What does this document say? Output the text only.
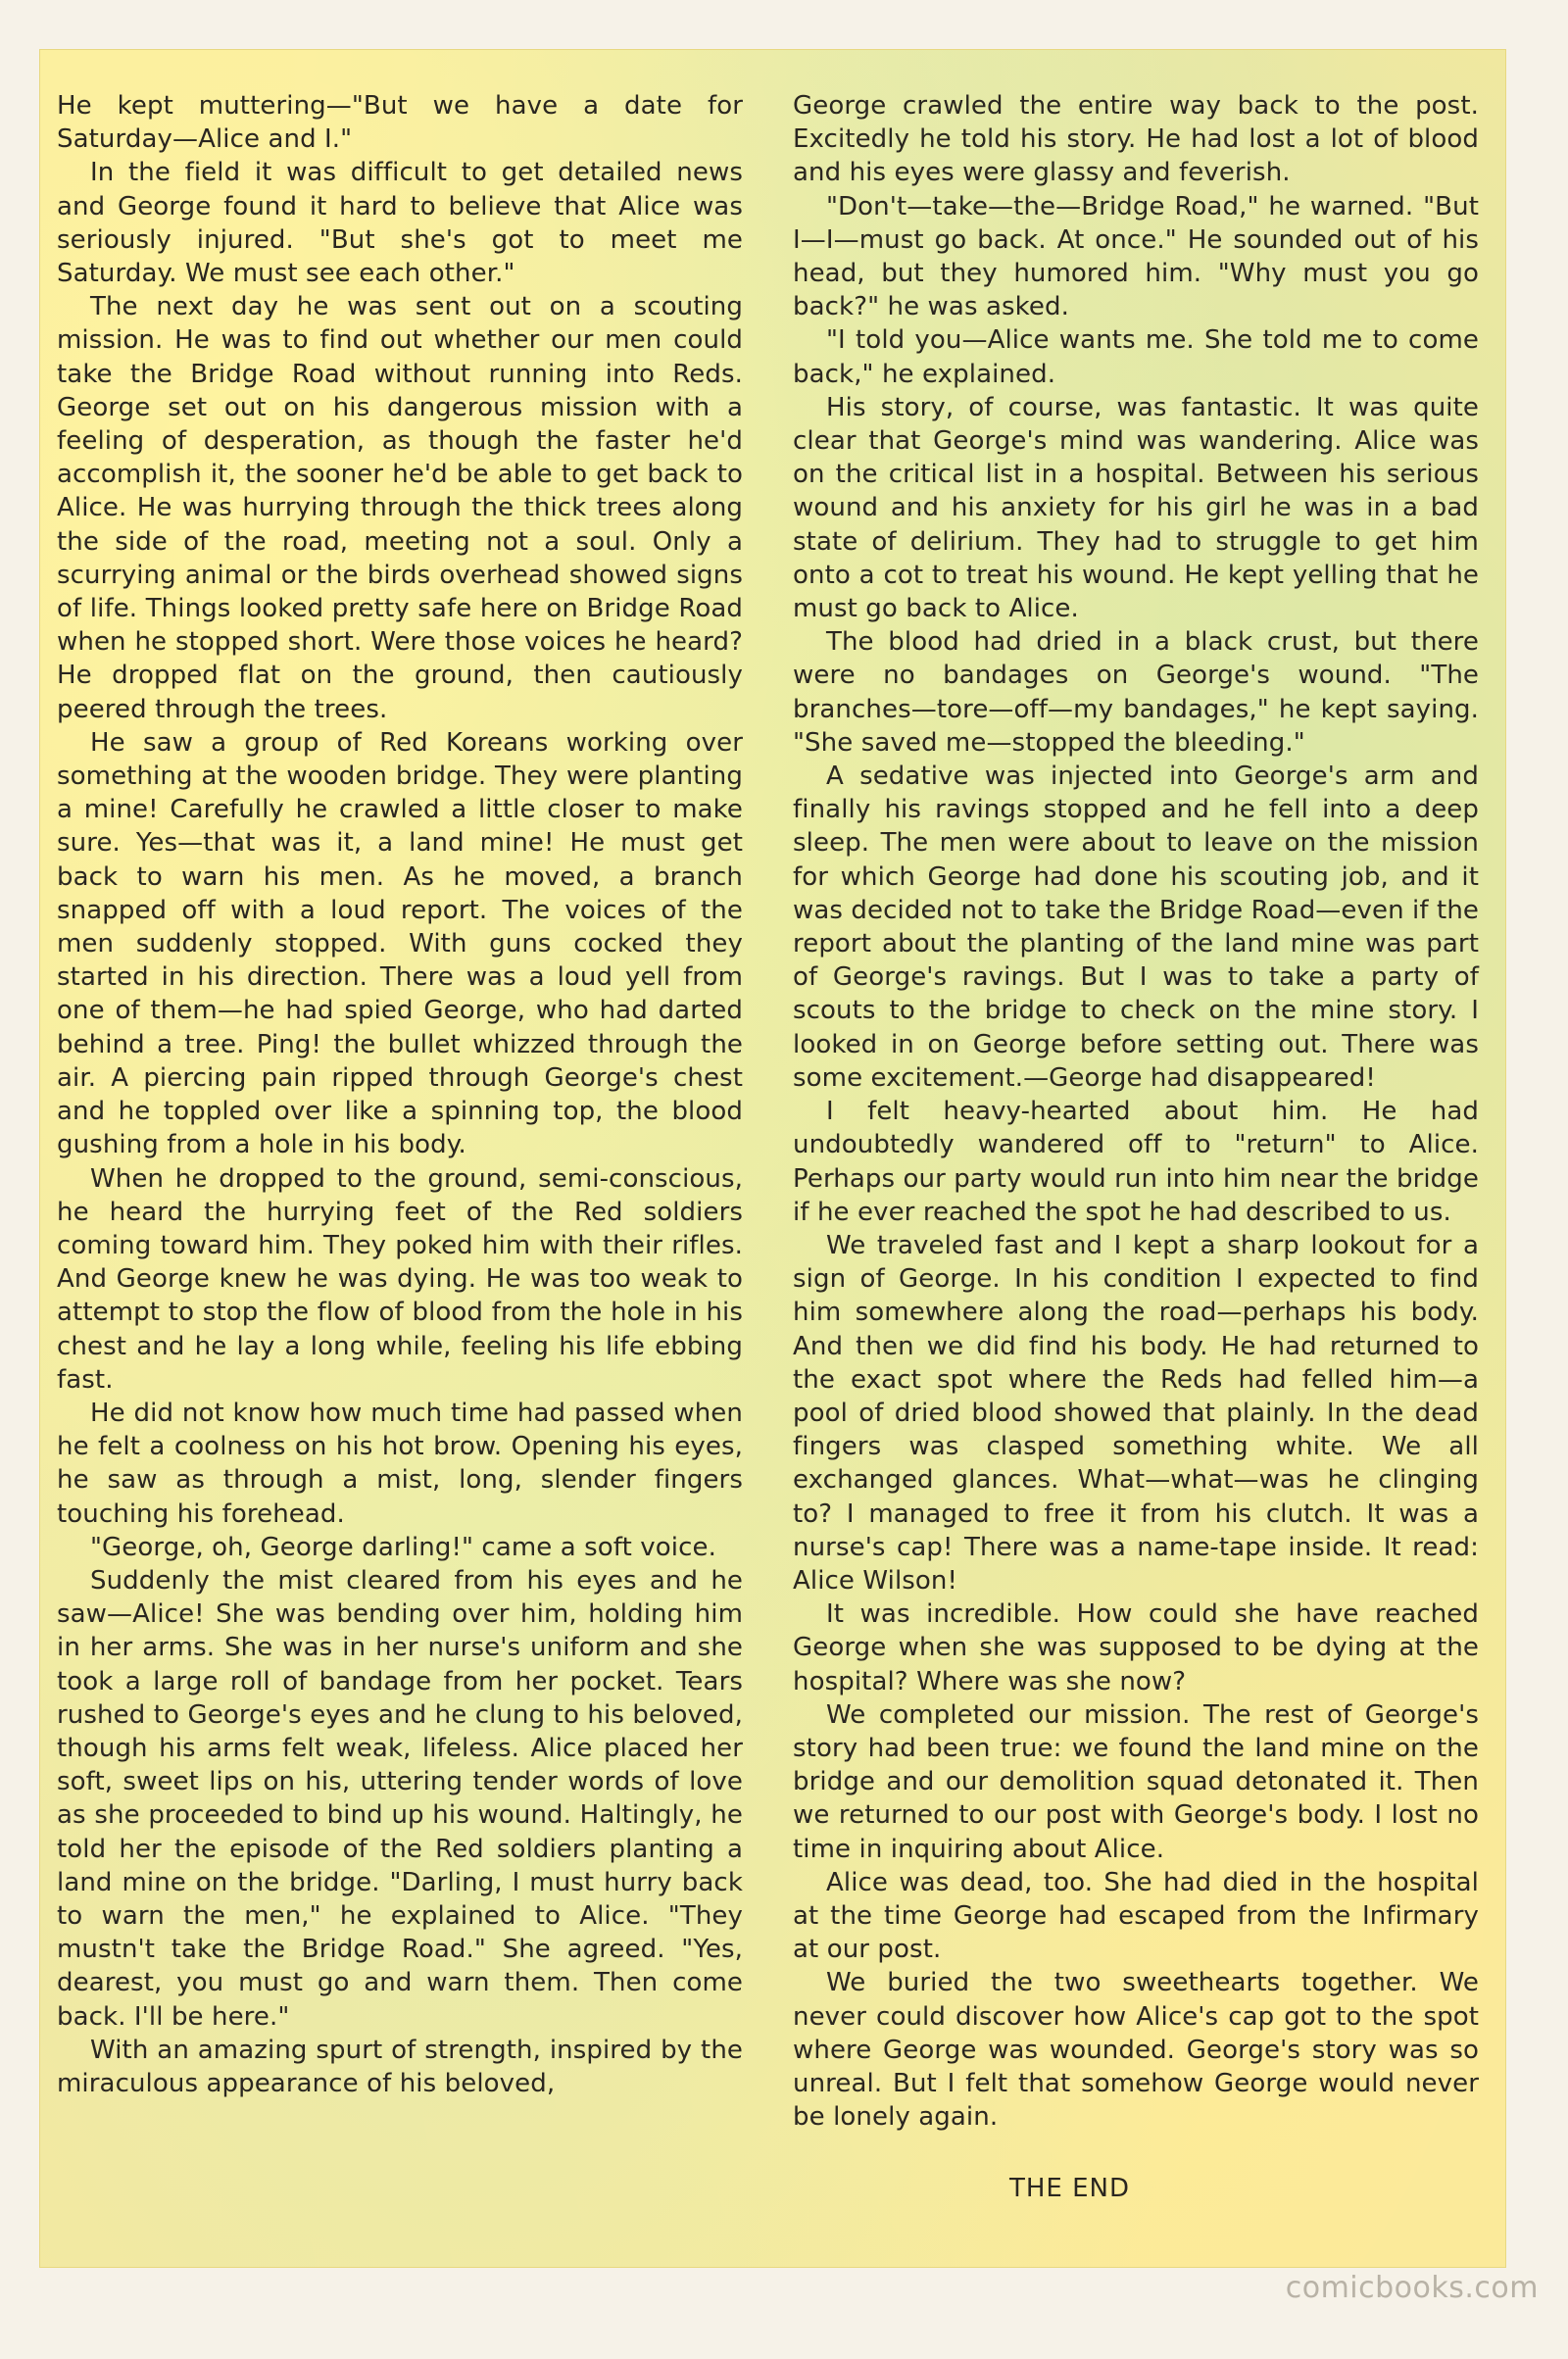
He kept muttering—"But we have a date for Saturday—Alice and I."

In the field it was difficult to get detailed news and George found it hard to believe that Alice was seriously injured. "But she's got to meet me Saturday. We must see each other."

The next day he was sent out on a scouting mission. He was to find out whether our men could take the Bridge Road without running into Reds. George set out on his dangerous mission with a feeling of desperation, as though the faster he'd accomplish it, the sooner he'd be able to get back to Alice. He was hurrying through the thick trees along the side of the road, meeting not a soul. Only a scurrying animal or the birds overhead showed signs of life. Things looked pretty safe here on Bridge Road when he stopped short. Were those voices he heard? He dropped flat on the ground, then cautiously peered through the trees.

He saw a group of Red Koreans working over something at the wooden bridge. They were planting a mine! Carefully he crawled a little closer to make sure. Yes—that was it, a land mine! He must get back to warn his men. As he moved, a branch snapped off with a loud report. The voices of the men suddenly stopped. With guns cocked they started in his direction. There was a loud yell from one of them—he had spied George, who had darted behind a tree. Ping! the bullet whizzed through the air. A piercing pain ripped through George's chest and he toppled over like a spinning top, the blood gushing from a hole in his body.

When he dropped to the ground, semi-conscious, he heard the hurrying feet of the Red soldiers coming toward him. They poked him with their rifles. And George knew he was dying. He was too weak to attempt to stop the flow of blood from the hole in his chest and he lay a long while, feeling his life ebbing fast.

He did not know how much time had passed when he felt a coolness on his hot brow. Opening his eyes, he saw as through a mist, long, slender fingers touching his forehead.

"George, oh, George darling!" came a soft voice.

Suddenly the mist cleared from his eyes and he saw—Alice! She was bending over him, holding him in her arms. She was in her nurse's uniform and she took a large roll of bandage from her pocket. Tears rushed to George's eyes and he clung to his beloved, though his arms felt weak, lifeless. Alice placed her soft, sweet lips on his, uttering tender words of love as she proceeded to bind up his wound. Haltingly, he told her the episode of the Red soldiers planting a land mine on the bridge. "Darling, I must hurry back to warn the men," he explained to Alice. "They mustn't take the Bridge Road." She agreed. "Yes, dearest, you must go and warn them. Then come back. I'll be here."

With an amazing spurt of strength, inspired by the miraculous appearance of his beloved,

George crawled the entire way back to the post. Excitedly he told his story. He had lost a lot of blood and his eyes were glassy and feverish.

"Don't—take—the—Bridge Road," he warned. "But I—I—must go back. At once." He sounded out of his head, but they humored him. "Why must you go back?" he was asked.

"I told you—Alice wants me. She told me to come back," he explained.

His story, of course, was fantastic. It was quite clear that George's mind was wandering. Alice was on the critical list in a hospital. Between his serious wound and his anxiety for his girl he was in a bad state of delirium. They had to struggle to get him onto a cot to treat his wound. He kept yelling that he must go back to Alice.

The blood had dried in a black crust, but there were no bandages on George's wound. "The branches—tore—off—my bandages," he kept saying. "She saved me—stopped the bleeding."

A sedative was injected into George's arm and finally his ravings stopped and he fell into a deep sleep. The men were about to leave on the mission for which George had done his scouting job, and it was decided not to take the Bridge Road—even if the report about the planting of the land mine was part of George's ravings. But I was to take a party of scouts to the bridge to check on the mine story. I looked in on George before setting out. There was some excitement.—George had disappeared!

I felt heavy-hearted about him. He had undoubtedly wandered off to "return" to Alice. Perhaps our party would run into him near the bridge if he ever reached the spot he had described to us.

We traveled fast and I kept a sharp lookout for a sign of George. In his condition I expected to find him somewhere along the road—perhaps his body. And then we did find his body. He had returned to the exact spot where the Reds had felled him—a pool of dried blood showed that plainly. In the dead fingers was clasped something white. We all exchanged glances. What—what—was he clinging to? I managed to free it from his clutch. It was a nurse's cap! There was a name-tape inside. It read: Alice Wilson!

It was incredible. How could she have reached George when she was supposed to be dying at the hospital? Where was she now?

We completed our mission. The rest of George's story had been true: we found the land mine on the bridge and our demolition squad detonated it. Then we returned to our post with George's body. I lost no time in inquiring about Alice.

Alice was dead, too. She had died in the hospital at the time George had escaped from the Infirmary at our post.

We buried the two sweethearts together. We never could discover how Alice's cap got to the spot where George was wounded. George's story was so unreal. But I felt that somehow George would never be lonely again.

THE END
comicbooks.com
